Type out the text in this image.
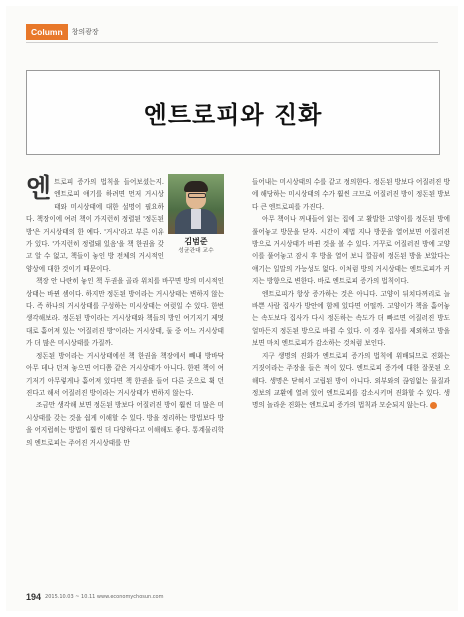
Column	창의광장
엔트로피와 진화
김범준
성균관대 교수

엔트로피 증가의 법칙을 들어보셨는지. 엔트로피 얘기를 하려면 먼저 거시상태와 미시상태에 대한 설명이 필요하다. 책장이에 여러 책이 가지런히 정렬된 '정돈된 방'은 거시상태의 한 예다. '거시'라고 부른 이유가 있다. '가지런히 정렬돼 있음'을 책 한권을 갖고 알 수 없고, 책들이 놓인 방 전체의 거시적인 양상에 대한 것이기 때문이다.

책장 안 나란히 놓인 책 두권을 골라 위치를 바꾸면 방의 미시적인 상태는 바뀐 셈이다. 하지만 정돈된 방이라는 거시상태는 변하지 않는다. 즉 하나의 거시상태를 구성하는 미시상태는 여럿일 수 있다. 한번 생각해보라. 정돈된 방이라는 거시상태와 책들의 방인 여기저기 제멋대로 흩어져 있는 '어질러진 방'이라는 거시상태, 둘 중 어느 거시상태가 더 많은 미시상태를 가질까.

정돈된 방이라는 거시상태에선 책 한권을 책장에서 빼내 방바닥 아무 데나 던져 놓으면 어디쯤 같은 거시상태가 아니다. 한편 책이 여기저기 아무렇게나 흩어져 있다면 책 한권을 들어 다른 곳으로 휙 던진다고 해서 어질러진 방이라는 거시상태가 변하지 않는다.

조금만 생각해 보면 정돈된 방보다 어질러진 방이 훨씬 더 많은 미시상태를 갖는 것을 쉽게 이해할 수 있다. 방을 정리하는 방법보다 방을 어지럽히는 방법이 훨씬 더 다양하다고 이해해도 좋다. 통계물리학의 엔트로피는 주어진 거시상태를 만

들어내는 미시상태의 수를 같고 정의한다. 정돈된 방보다 어질러진 방에 해당하는 미시상태의 수가 훨씬 크므로 어질러진 방이 정돈된 방보다 큰 엔트로피를 가진다.

아무 책이나 꺼내들어 읽는 집에 고 활발한 고양이를 정돈된 방에 풀어놓고 방문을 닫자. 시간이 제법 지나 방문을 열어보면 어질러진 방으로 거시상태가 바뀐 것을 볼 수 있다. 거꾸로 어질러진 방에 고양이를 풀어놓고 잠시 후 방을 열어 보니 깔끔히 정돈된 방을 보았다는 얘기는 일말의 가능성도 없다. 이처럼 방의 거시상태는 엔트로피가 커지는 방향으로 변한다. 바로 엔트로피 증가의 법칙이다.

엔트로피가 항상 증가하는 것은 아니다. 고양이 뒤치다꺼리로 늘 바쁜 사람 집사가 방안에 함께 있다면 어떨까. 고양이가 책을 흩어놓는 속도보다 집사가 다시 정돈하는 속도가 더 빠르면 어질러진 방도 얼마든지 정돈된 방으로 바뀔 수 있다. 이 경우 집사를 제외하고 방을 보면 마치 엔트로피가 감소하는 것처럼 보인다.

지구 생명의 진화가 엔트로피 증가의 법칙에 위배되므로 진화는 거짓이라는 주장을 들은 적이 있다. 엔트로피 증가에 대한 잘못된 오해다. 생명은 닫혀서 고립된 방이 아니다. 외부와의 끊임없는 물질과 정보의 교환에 열려 있어 엔트로피를 감소시키며 진화할 수 있다. 생명의 놀라운 진화는 엔트로피 증가의 법칙과 모순되지 않는다.

194 2015.10.03 ~ 10.11 www.economychosun.com
